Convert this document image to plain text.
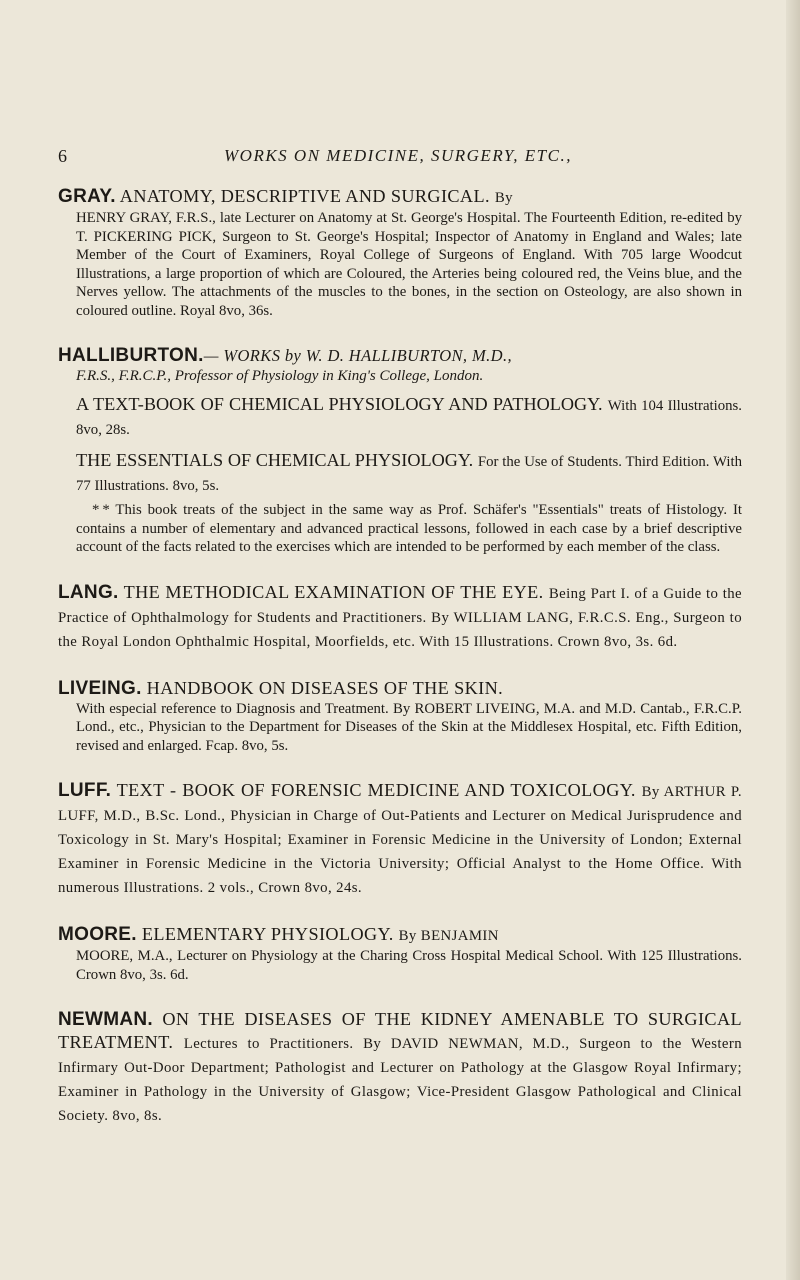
6	WORKS ON MEDICINE, SURGERY, ETC.,

GRAY. ANATOMY, DESCRIPTIVE AND SURGICAL. By

HENRY GRAY, F.R.S., late Lecturer on Anatomy at St. George's Hospital. The Fourteenth Edition, re-edited by T. PICKERING PICK, Surgeon to St. George's Hospital; Inspector of Anatomy in England and Wales; late Member of the Court of Examiners, Royal College of Surgeons of England. With 705 large Woodcut Illustrations, a large proportion of which are Coloured, the Arteries being coloured red, the Veins blue, and the Nerves yellow. The attachments of the muscles to the bones, in the section on Osteology, are also shown in coloured outline. Royal 8vo, 36s.

HALLIBURTON.— WORKS by W. D. HALLIBURTON, M.D.,

F.R.S., F.R.C.P., Professor of Physiology in King's College, London.

A TEXT-BOOK OF CHEMICAL PHYSIOLOGY AND PATHOLOGY. With 104 Illustrations. 8vo, 28s.

THE ESSENTIALS OF CHEMICAL PHYSIOLOGY. For the Use of Students. Third Edition. With 77 Illustrations. 8vo, 5s.

* * This book treats of the subject in the same way as Prof. Schäfer's "Essentials" treats of Histology. It contains a number of elementary and advanced practical lessons, followed in each case by a brief descriptive account of the facts related to the exercises which are intended to be performed by each member of the class.

LANG. THE METHODICAL EXAMINATION OF THE EYE. Being Part I. of a Guide to the Practice of Ophthalmology for Students and Practitioners. By WILLIAM LANG, F.R.C.S. Eng., Surgeon to the Royal London Ophthalmic Hospital, Moorfields, etc. With 15 Illustrations. Crown 8vo, 3s. 6d.

LIVEING. HANDBOOK ON DISEASES OF THE SKIN.

With especial reference to Diagnosis and Treatment. By ROBERT LIVEING, M.A. and M.D. Cantab., F.R.C.P. Lond., etc., Physician to the Department for Diseases of the Skin at the Middlesex Hospital, etc. Fifth Edition, revised and enlarged. Fcap. 8vo, 5s.

LUFF. TEXT - BOOK OF FORENSIC MEDICINE AND TOXICOLOGY. By ARTHUR P. LUFF, M.D., B.Sc. Lond., Physician in Charge of Out-Patients and Lecturer on Medical Jurisprudence and Toxicology in St. Mary's Hospital; Examiner in Forensic Medicine in the University of London; External Examiner in Forensic Medicine in the Victoria University; Official Analyst to the Home Office. With numerous Illustrations. 2 vols., Crown 8vo, 24s.

MOORE. ELEMENTARY PHYSIOLOGY. By BENJAMIN

MOORE, M.A., Lecturer on Physiology at the Charing Cross Hospital Medical School. With 125 Illustrations. Crown 8vo, 3s. 6d.

NEWMAN. ON THE DISEASES OF THE KIDNEY AMENABLE TO SURGICAL TREATMENT. Lectures to Practitioners. By DAVID NEWMAN, M.D., Surgeon to the Western Infirmary Out-Door Department; Pathologist and Lecturer on Pathology at the Glasgow Royal Infirmary; Examiner in Pathology in the University of Glasgow; Vice-President Glasgow Pathological and Clinical Society. 8vo, 8s.
